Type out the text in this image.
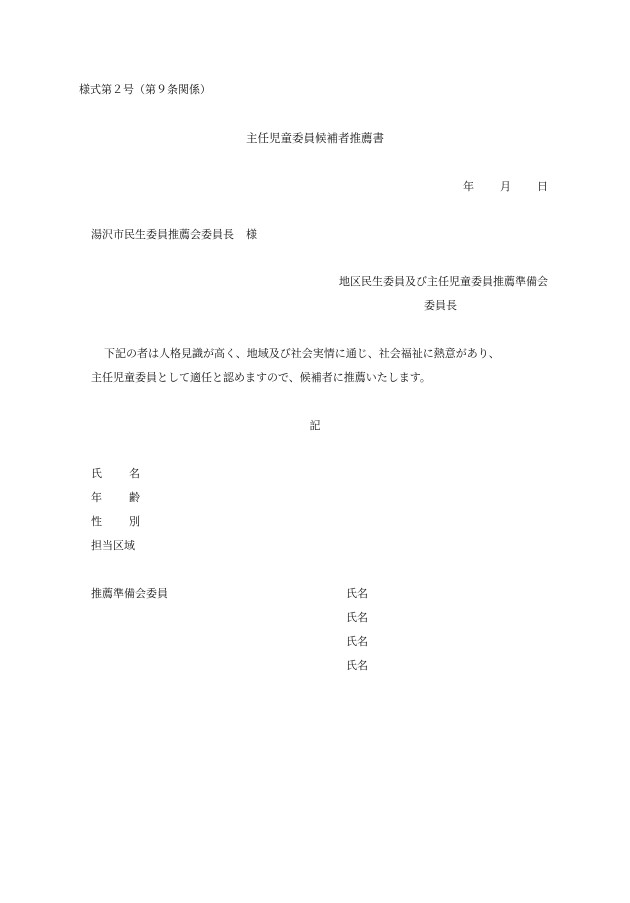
様式第２号（第９条関係）
主任児童委員候補者推薦書
年 月 日
湯沢市民生委員推薦会委員長 様
地区民生委員及び主任児童委員推薦準備会
委員長
下記の者は人格見識が高く、地域及び社会実情に通じ、社会福祉に熱意があり、
主任児童委員として適任と認めますので、候補者に推薦いたします。
記
氏 名
年 齢
性 別
担当区域
推薦準備会委員	氏名
氏名
氏名
氏名
